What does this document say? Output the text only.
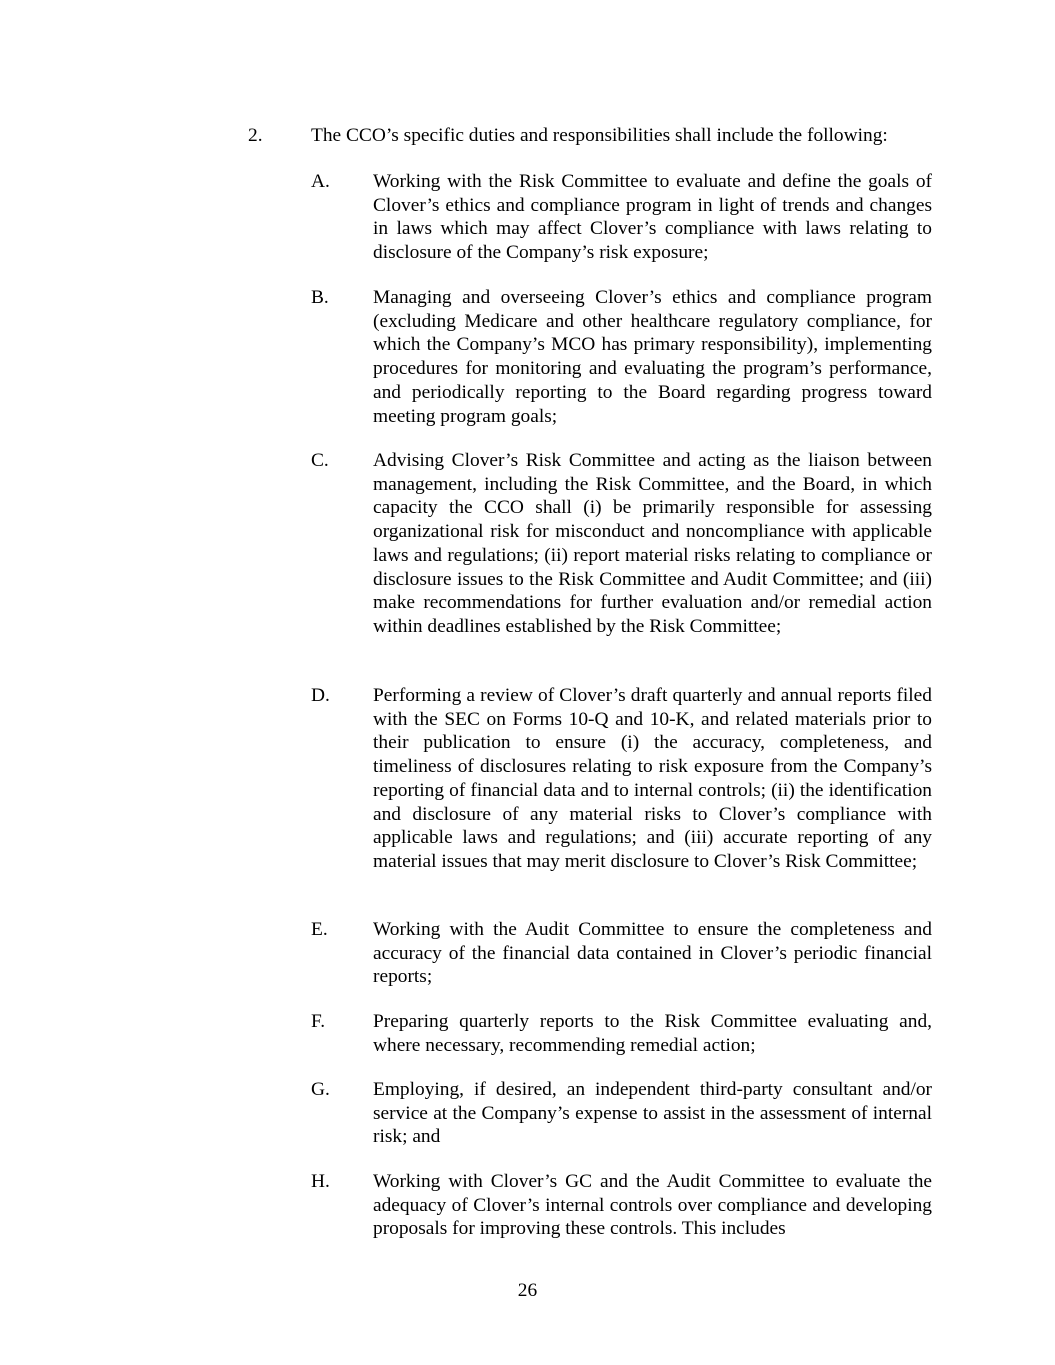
2. The CCO’s specific duties and responsibilities shall include the following:
A. Working with the Risk Committee to evaluate and define the goals of Clover’s ethics and compliance program in light of trends and changes in laws which may affect Clover’s compliance with laws relating to disclosure of the Company’s risk exposure;
B. Managing and overseeing Clover’s ethics and compliance program (excluding Medicare and other healthcare regulatory compliance, for which the Company’s MCO has primary responsibility), implementing procedures for monitoring and evaluating the program’s performance, and periodically reporting to the Board regarding progress toward meeting program goals;
C. Advising Clover’s Risk Committee and acting as the liaison between management, including the Risk Committee, and the Board, in which capacity the CCO shall (i) be primarily responsible for assessing organizational risk for misconduct and noncompliance with applicable laws and regulations; (ii) report material risks relating to compliance or disclosure issues to the Risk Committee and Audit Committee; and (iii) make recommendations for further evaluation and/or remedial action within deadlines established by the Risk Committee;
D. Performing a review of Clover’s draft quarterly and annual reports filed with the SEC on Forms 10-Q and 10-K, and related materials prior to their publication to ensure (i) the accuracy, completeness, and timeliness of disclosures relating to risk exposure from the Company’s reporting of financial data and to internal controls; (ii) the identification and disclosure of any material risks to Clover’s compliance with applicable laws and regulations; and (iii) accurate reporting of any material issues that may merit disclosure to Clover’s Risk Committee;
E. Working with the Audit Committee to ensure the completeness and accuracy of the financial data contained in Clover’s periodic financial reports;
F. Preparing quarterly reports to the Risk Committee evaluating and, where necessary, recommending remedial action;
G. Employing, if desired, an independent third-party consultant and/or service at the Company’s expense to assist in the assessment of internal risk; and
H. Working with Clover’s GC and the Audit Committee to evaluate the adequacy of Clover’s internal controls over compliance and developing proposals for improving these controls. This includes
26
